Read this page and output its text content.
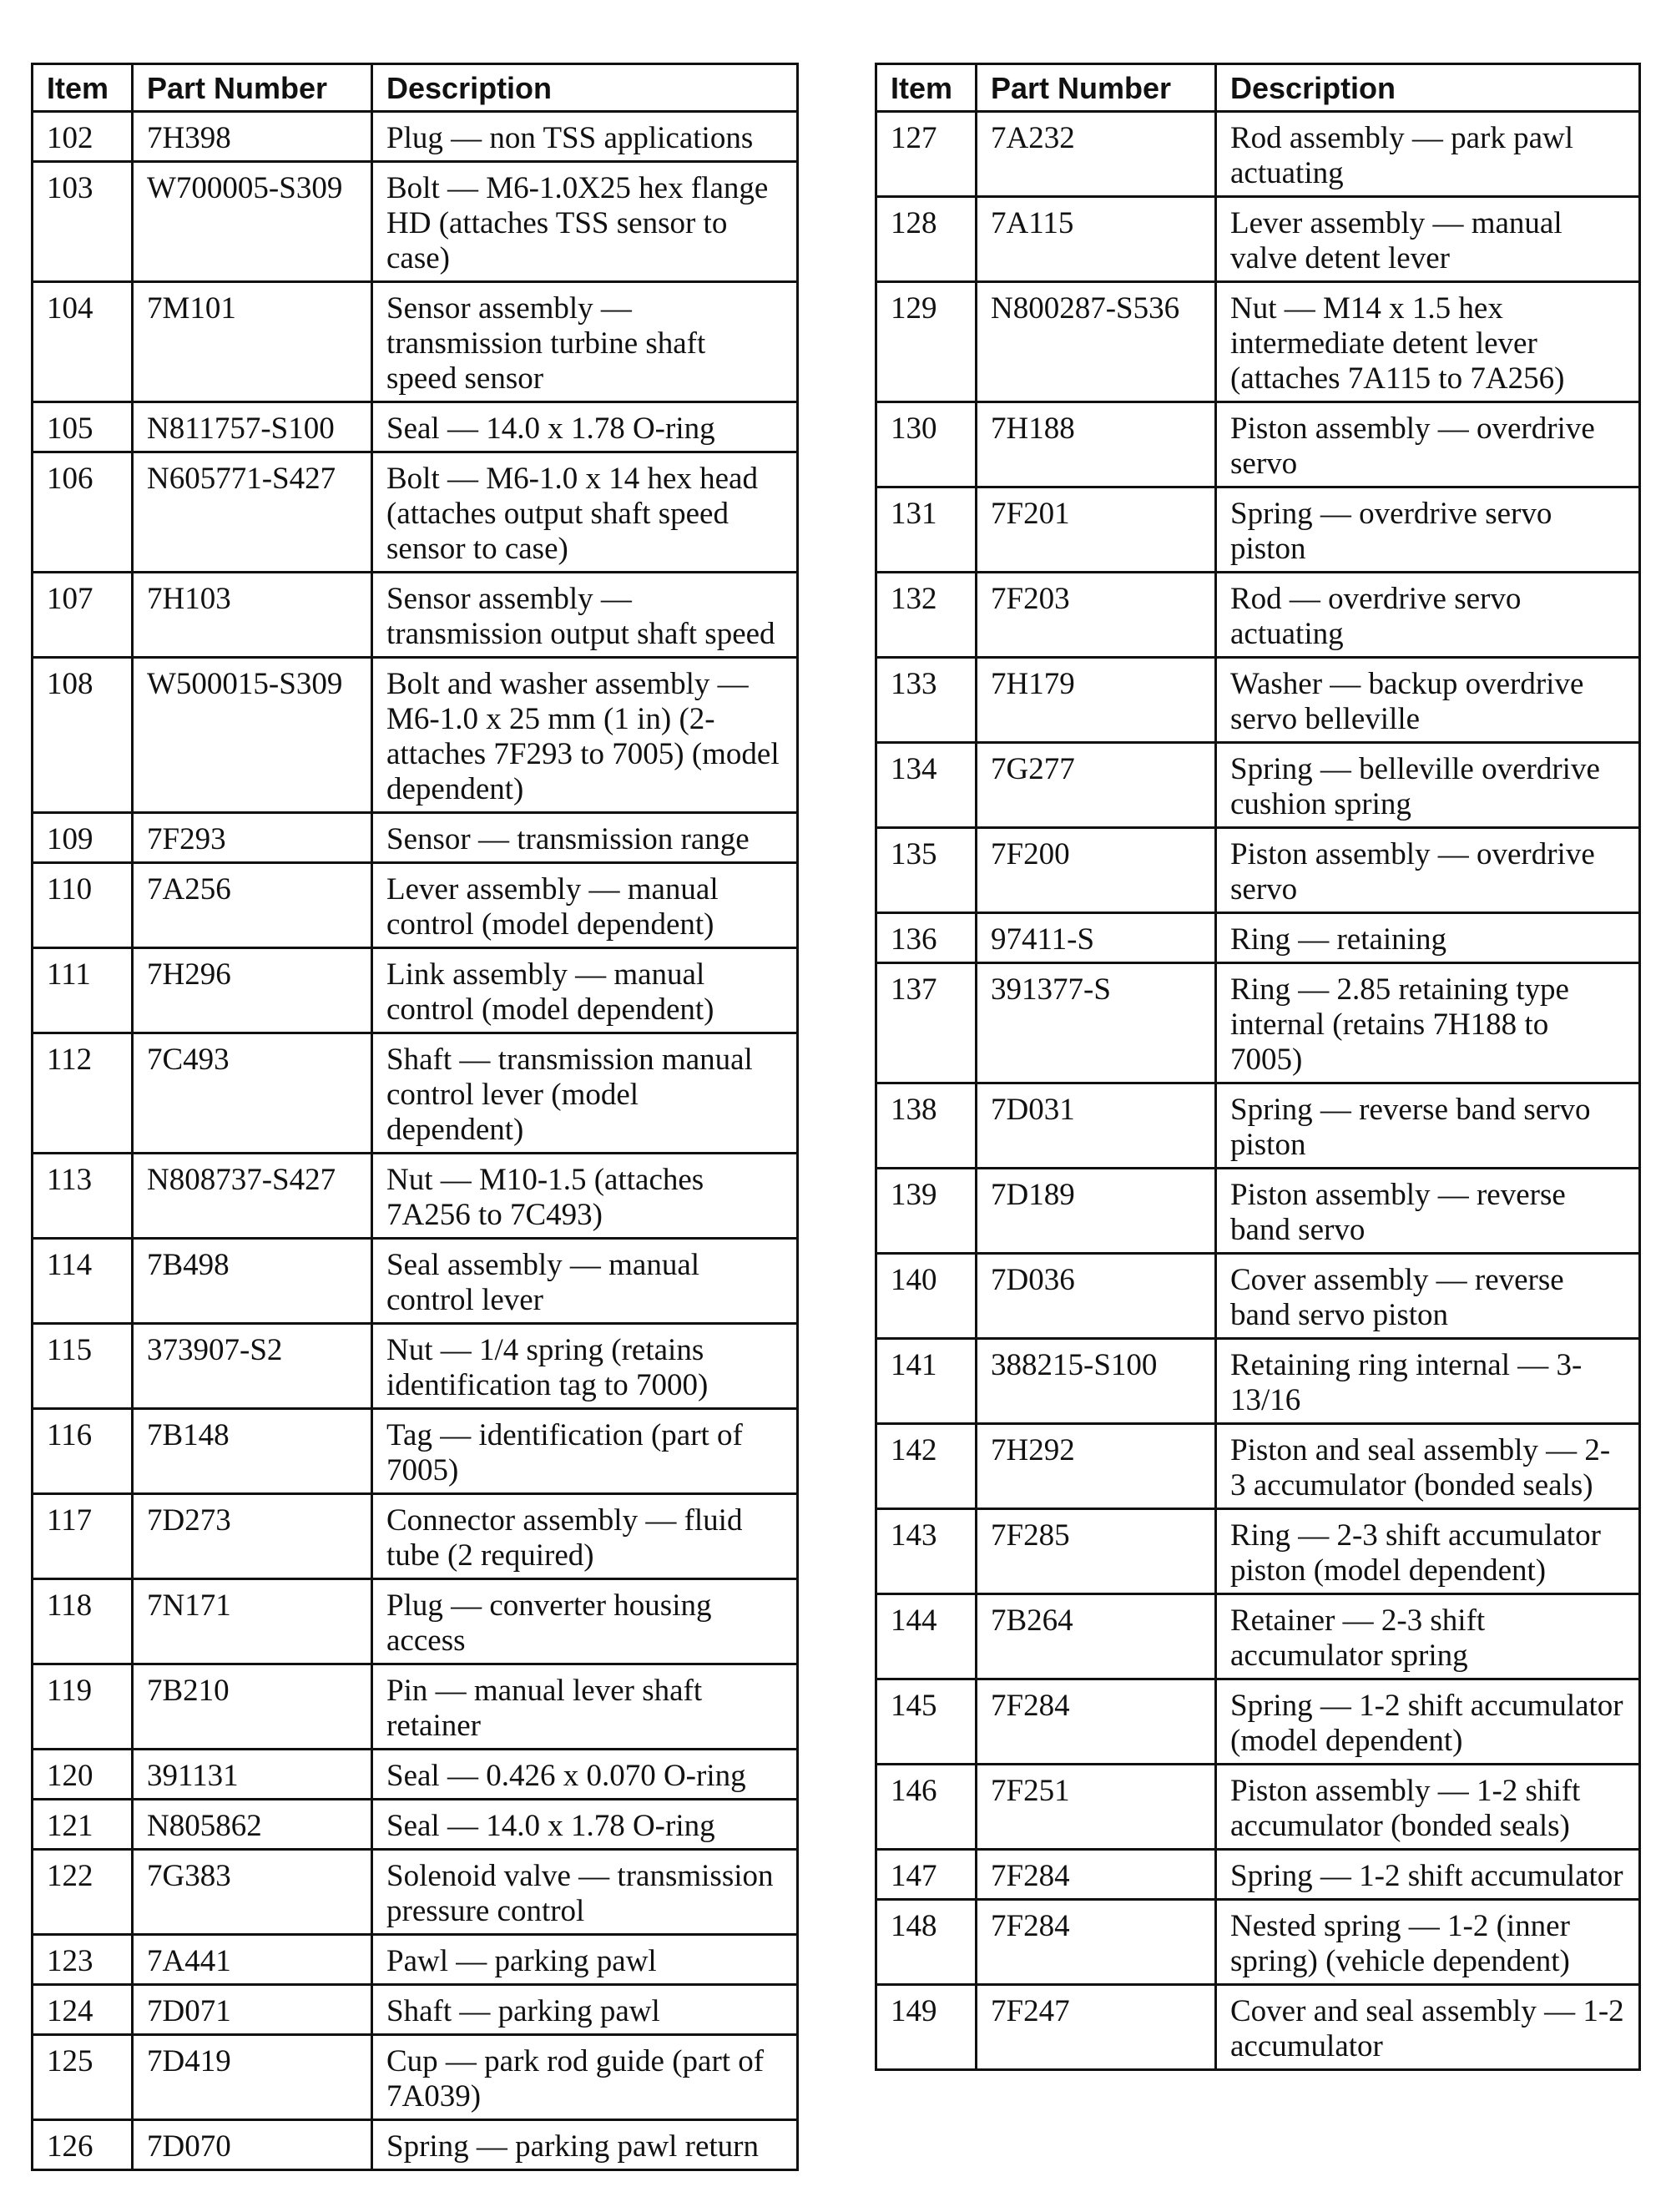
Item	Part Number	Description
102	7H398	Plug — non TSS applications
103	W700005-S309	Bolt — M6-1.0X25 hex flange HD (attaches TSS sensor to case)
104	7M101	Sensor assembly — transmission turbine shaft speed sensor
105	N811757-S100	Seal — 14.0 x 1.78 O-ring
106	N605771-S427	Bolt — M6-1.0 x 14 hex head (attaches output shaft speed sensor to case)
107	7H103	Sensor assembly — transmission output shaft speed
108	W500015-S309	Bolt and washer assembly — M6-1.0 x 25 mm (1 in) (2-attaches 7F293 to 7005) (model dependent)
109	7F293	Sensor — transmission range
110	7A256	Lever assembly — manual control (model dependent)
111	7H296	Link assembly — manual control (model dependent)
112	7C493	Shaft — transmission manual control lever (model dependent)
113	N808737-S427	Nut — M10-1.5 (attaches 7A256 to 7C493)
114	7B498	Seal assembly — manual control lever
115	373907-S2	Nut — 1/4 spring (retains identification tag to 7000)
116	7B148	Tag — identification (part of 7005)
117	7D273	Connector assembly — fluid tube (2 required)
118	7N171	Plug — converter housing access
119	7B210	Pin — manual lever shaft retainer
120	391131	Seal — 0.426 x 0.070 O-ring
121	N805862	Seal — 14.0 x 1.78 O-ring
122	7G383	Solenoid valve — transmission pressure control
123	7A441	Pawl — parking pawl
124	7D071	Shaft — parking pawl
125	7D419	Cup — park rod guide (part of 7A039)
126	7D070	Spring — parking pawl return
Item	Part Number	Description
127	7A232	Rod assembly — park pawl actuating
128	7A115	Lever assembly — manual valve detent lever
129	N800287-S536	Nut — M14 x 1.5 hex intermediate detent lever (attaches 7A115 to 7A256)
130	7H188	Piston assembly — overdrive servo
131	7F201	Spring — overdrive servo piston
132	7F203	Rod — overdrive servo actuating
133	7H179	Washer — backup overdrive servo belleville
134	7G277	Spring — belleville overdrive cushion spring
135	7F200	Piston assembly — overdrive servo
136	97411-S	Ring — retaining
137	391377-S	Ring — 2.85 retaining type internal (retains 7H188 to 7005)
138	7D031	Spring — reverse band servo piston
139	7D189	Piston assembly — reverse band servo
140	7D036	Cover assembly — reverse band servo piston
141	388215-S100	Retaining ring internal — 3-13/16
142	7H292	Piston and seal assembly — 2-3 accumulator (bonded seals)
143	7F285	Ring — 2-3 shift accumulator piston (model dependent)
144	7B264	Retainer — 2-3 shift accumulator spring
145	7F284	Spring — 1-2 shift accumulator (model dependent)
146	7F251	Piston assembly — 1-2 shift accumulator (bonded seals)
147	7F284	Spring — 1-2 shift accumulator
148	7F284	Nested spring — 1-2 (inner spring) (vehicle dependent)
149	7F247	Cover and seal assembly — 1-2 accumulator
